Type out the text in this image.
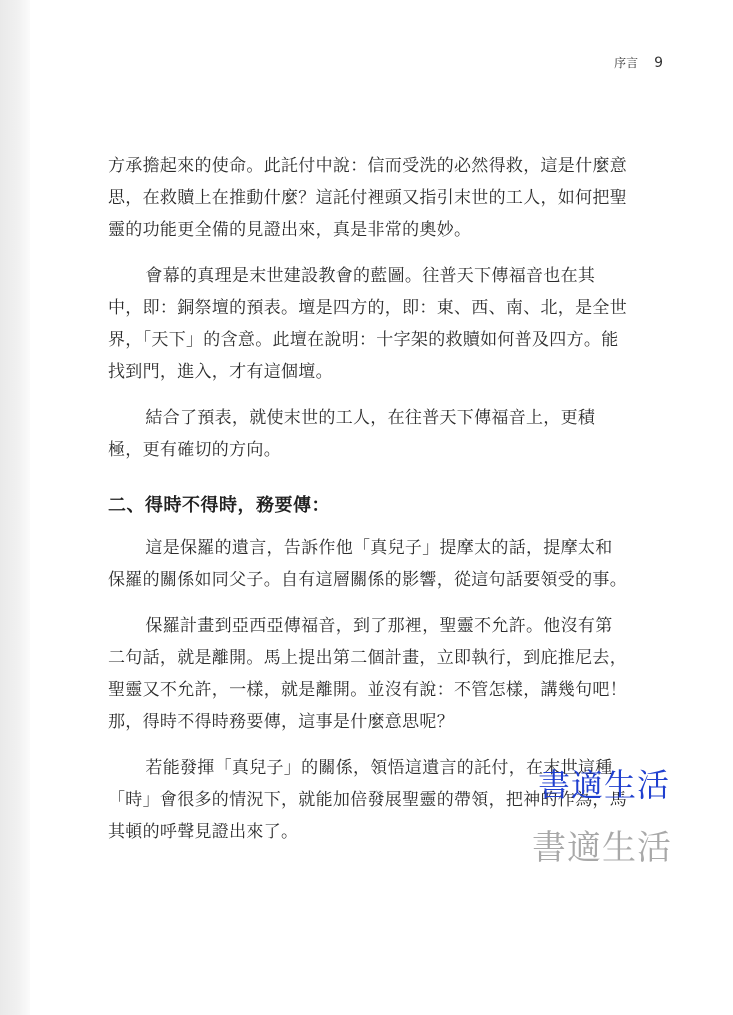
序言 9

方承擔起來的使命。此託付中說：信而受洗的必然得救，這是什麼意思，在救贖上在推動什麼？這託付裡頭又指引末世的工人，如何把聖靈的功能更全備的見證出來，真是非常的奧妙。

會幕的真理是末世建設教會的藍圖。往普天下傳福音也在其中，即：銅祭壇的預表。壇是四方的，即：東、西、南、北，是全世界，「天下」的含意。此壇在說明：十字架的救贖如何普及四方。能找到門，進入，才有這個壇。

結合了預表，就使末世的工人，在往普天下傳福音上，更積極，更有確切的方向。

二、得時不得時，務要傳：

這是保羅的遺言，告訴作他「真兒子」提摩太的話，提摩太和保羅的關係如同父子。自有這層關係的影響，從這句話要領受的事。

保羅計畫到亞西亞傳福音，到了那裡，聖靈不允許。他沒有第二句話，就是離開。馬上提出第二個計畫，立即執行，到庇推尼去，聖靈又不允許，一樣，就是離開。並沒有說：不管怎樣，講幾句吧！那，得時不得時務要傳，這事是什麼意思呢？

若能發揮「真兒子」的關係，領悟這遺言的託付，在末世這種「時」會很多的情況下，就能加倍發展聖靈的帶領，把神的作為，馬其頓的呼聲見證出來了。

書適生活
書適生活
